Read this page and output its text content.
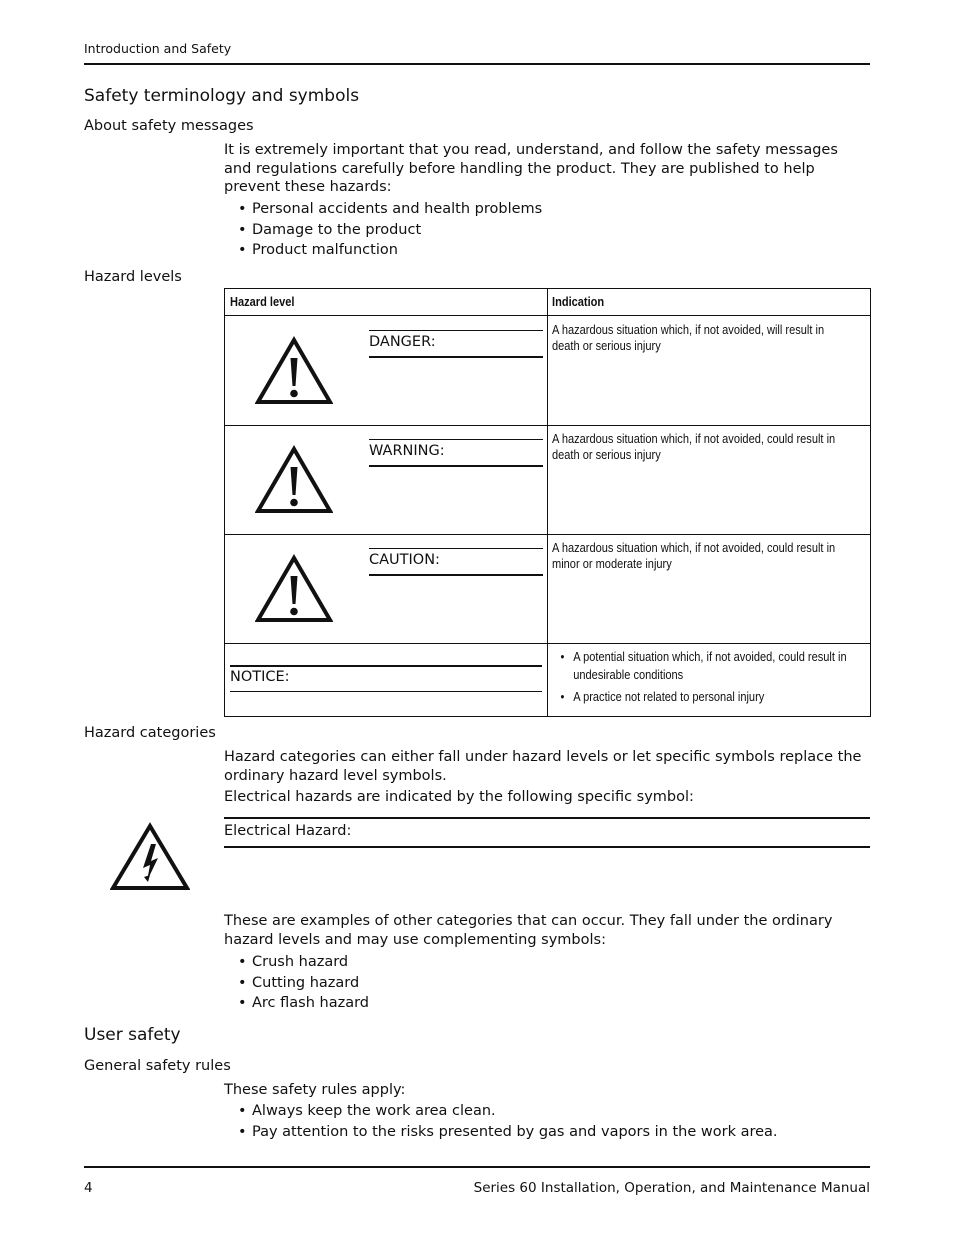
Introduction and Safety
Safety terminology and symbols
About safety messages

It is extremely important that you read, understand, and follow the safety messages and regulations carefully before handling the product. They are published to help prevent these hazards:

• Personal accidents and health problems
• Damage to the product
• Product malfunction
Hazard levels
Hazard level	Indication
DANGER:
A hazardous situation which, if not avoided, will result in death or serious injury
WARNING:
A hazardous situation which, if not avoided, could result in death or serious injury
CAUTION:
A hazardous situation which, if not avoided, could result in minor or moderate injury
NOTICE:
• A potential situation which, if not avoided, could result in undesirable conditions
• A practice not related to personal injury
Hazard categories

Hazard categories can either fall under hazard levels or let specific symbols replace the ordinary hazard level symbols.

Electrical hazards are indicated by the following specific symbol:

Electrical Hazard:

These are examples of other categories that can occur. They fall under the ordinary hazard levels and may use complementing symbols:

• Crush hazard
• Cutting hazard
• Arc flash hazard
User safety
General safety rules

These safety rules apply:

• Always keep the work area clean.
• Pay attention to the risks presented by gas and vapors in the work area.
4	Series 60 Installation, Operation, and Maintenance Manual
